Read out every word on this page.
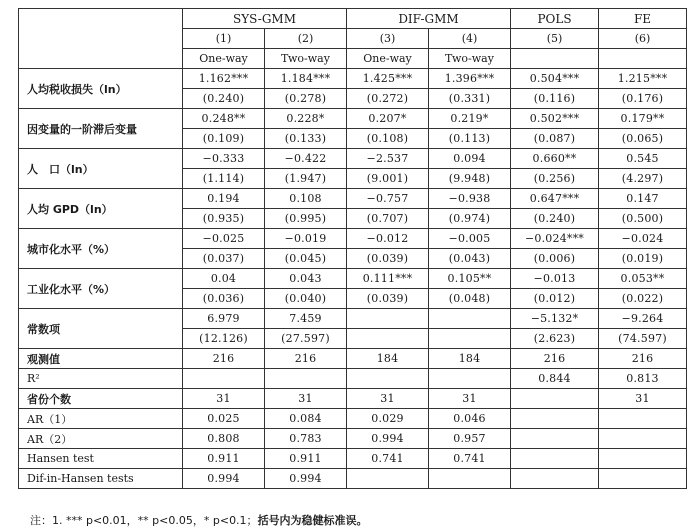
	SYS-GMM		DIF-GMM		POLS	FE
	(1)	(2)	(3)	(4)	(5)	(6)
	One-way	Two-way	One-way	Two-way		
人均税收损失（ln）	1.162***	1.184***	1.425***	1.396***	0.504***	1.215***
	(0.240)	(0.278)	(0.272)	(0.331)	(0.116)	(0.176)
因变量的一阶滞后变量	0.248**	0.228*	0.207*	0.219*	0.502***	0.179**
	(0.109)	(0.133)	(0.108)	(0.113)	(0.087)	(0.065)
人　口（ln）	−0.333	−0.422	−2.537	0.094	0.660**	0.545
	(1.114)	(1.947)	(9.001)	(9.948)	(0.256)	(4.297)
人均 GPD（ln）	0.194	0.108	−0.757	−0.938	0.647***	0.147
	(0.935)	(0.995)	(0.707)	(0.974)	(0.240)	(0.500)
城市化水平（%）	−0.025	−0.019	−0.012	−0.005	−0.024***	−0.024
	(0.037)	(0.045)	(0.039)	(0.043)	(0.006)	(0.019)
工业化水平（%）	0.04	0.043	0.111***	0.105**	−0.013	0.053**
	(0.036)	(0.040)	(0.039)	(0.048)	(0.012)	(0.022)
常数项	6.979	7.459			−5.132*	−9.264
	(12.126)	(27.597)			(2.623)	(74.597)
观测值	216	216	184	184	216	216
R²					0.844	0.813
省份个数	31	31	31	31		31
AR（1）	0.025	0.084	0.029	0.046		
AR（2）	0.808	0.783	0.994	0.957		
Hansen test	0.911	0.911	0.741	0.741		
Dif-in-Hansen tests	0.994	0.994				
注：1. *** p<0.01，** p<0.05，* p<0.1；括号内为稳健标准误。
